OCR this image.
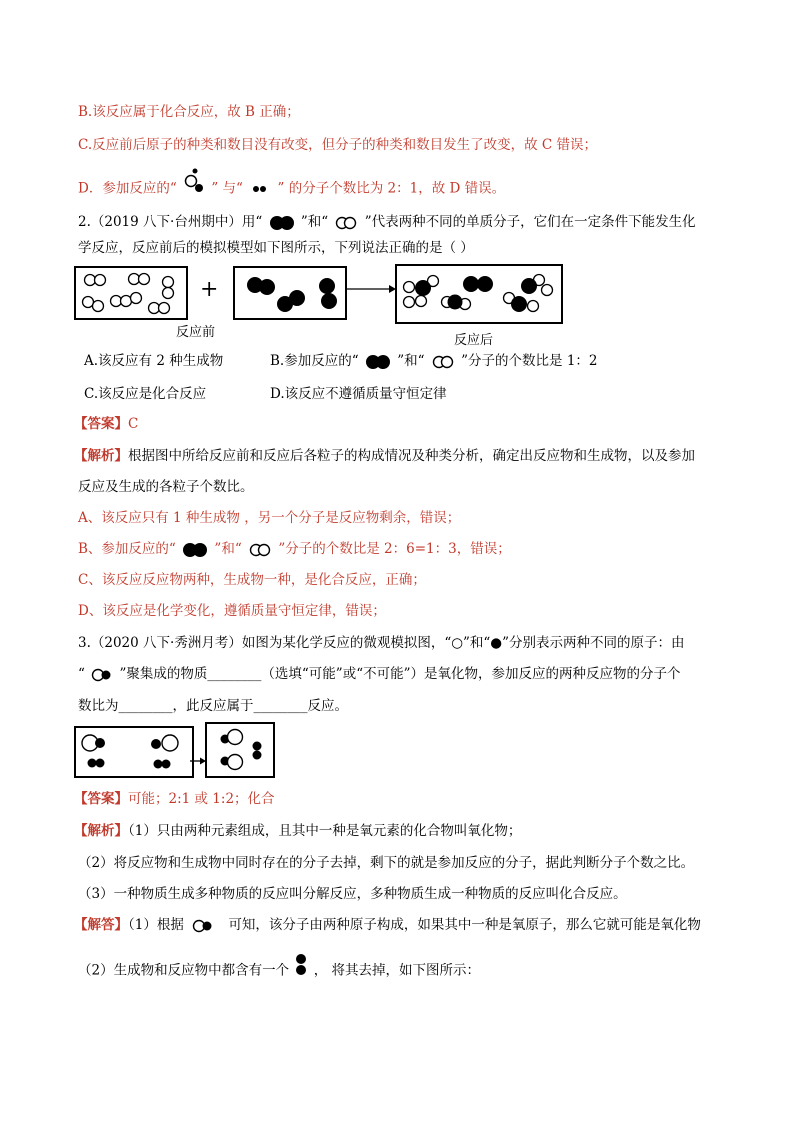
B.该反应属于化合反应，故 B 正确；
C.反应前后原子的种类和数目没有改变，但分子的种类和数目发生了改变，故 C 错误；
D．参加反应的“	” 与“	” 的分子个数比为 2：1，故 D 错误。
2.（2019 八下·台州期中）用“	”和“	”代表两种不同的单质分子，它们在一定条件下能发生化
学反应，反应前后的模拟模型如下图所示，下列说法正确的是（ ）
+
反应前
反应后
A.该反应有 2 种生成物	B.参加反应的“	”和“	”分子的个数比是 1：2
C.该反应是化合反应	D.该反应不遵循质量守恒定律
【答案】C
【解析】根据图中所给反应前和反应后各粒子的构成情况及种类分析，确定出反应物和生成物，以及参加
反应及生成的各粒子个数比。
A、该反应只有 1 种生成物 ，另一个分子是反应物剩余，错误；
B、参加反应的“	”和“	”分子的个数比是 2：6=1：3，错误；
C、该反应反应物两种，生成物一种，是化合反应，正确；
D、该反应是化学变化，遵循质量守恒定律，错误；
3.（2020 八下·秀洲月考）如图为某化学反应的微观模拟图，“○”和“●”分别表示两种不同的原子：由
“	”聚集成的物质________（选填“可能”或“不可能”）是氧化物，参加反应的两种反应物的分子个
数比为________，此反应属于________反应。
【答案】可能；2:1 或 1:2；化合
【解析】（1）只由两种元素组成，且其中一种是氧元素的化合物叫氧化物；
（2）将反应物和生成物中同时存在的分子去掉，剩下的就是参加反应的分子，据此判断分子个数之比。
（3）一种物质生成多种物质的反应叫分解反应，多种物质生成一种物质的反应叫化合反应。
【解答】（1）根据	可知，该分子由两种原子构成，如果其中一种是氧原子，那么它就可能是氧化物
（2）生成物和反应物中都含有一个 ， 将其去掉，如下图所示：
